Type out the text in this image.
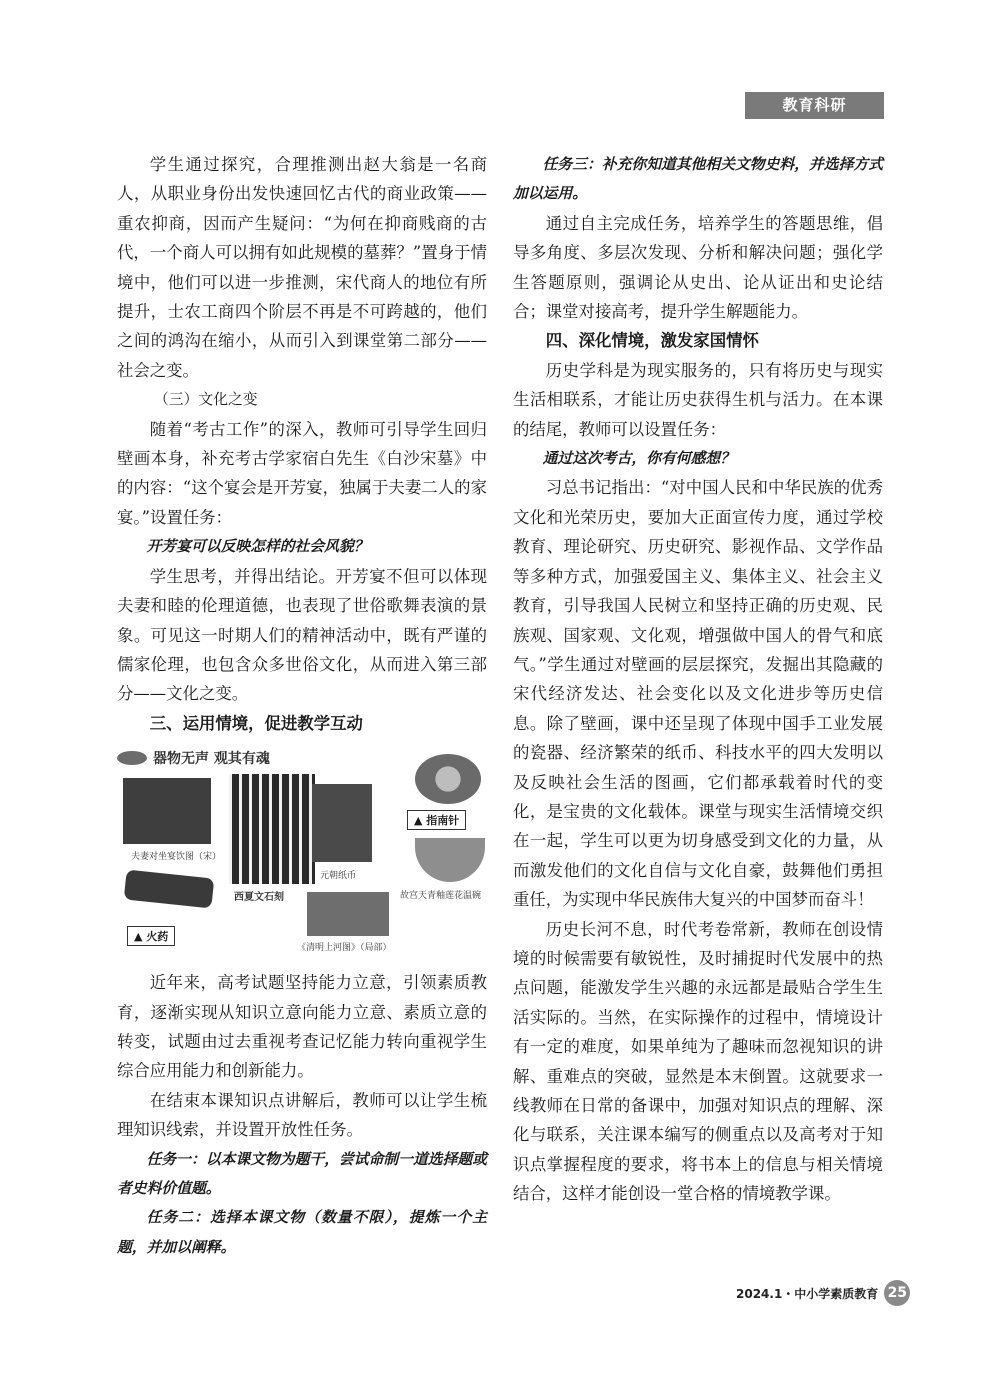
教育科研

学生通过探究，合理推测出赵大翁是一名商人，从职业身份出发快速回忆古代的商业政策——重农抑商，因而产生疑问：“为何在抑商贱商的古代，一个商人可以拥有如此规模的墓葬？”置身于情境中，他们可以进一步推测，宋代商人的地位有所提升，士农工商四个阶层不再是不可跨越的，他们之间的鸿沟在缩小，从而引入到课堂第二部分——社会之变。

（三）文化之变

随着“考古工作”的深入，教师可引导学生回归壁画本身，补充考古学家宿白先生《白沙宋墓》中的内容：“这个宴会是开芳宴，独属于夫妻二人的家宴。”设置任务：

开芳宴可以反映怎样的社会风貌？

学生思考，并得出结论。开芳宴不但可以体现夫妻和睦的伦理道德，也表现了世俗歌舞表演的景象。可见这一时期人们的精神活动中，既有严谨的儒家伦理，也包含众多世俗文化，从而进入第三部分——文化之变。

三、运用情境，促进教学互动

器物无声 观其有魂
夫妻对坐宴饮图（宋）
西夏文石刻
元朝纸币
▲ 指南针
故宫天青釉莲花温碗
▲ 火药
《清明上河图》（局部）

近年来，高考试题坚持能力立意，引领素质教育，逐渐实现从知识立意向能力立意、素质立意的转变，试题由过去重视考查记忆能力转向重视学生综合应用能力和创新能力。

在结束本课知识点讲解后，教师可以让学生梳理知识线索，并设置开放性任务。

任务一：以本课文物为题干，尝试命制一道选择题或者史料价值题。

任务二：选择本课文物（数量不限），提炼一个主题，并加以阐释。

任务三：补充你知道其他相关文物史料，并选择方式加以运用。

通过自主完成任务，培养学生的答题思维，倡导多角度、多层次发现、分析和解决问题；强化学生答题原则，强调论从史出、论从证出和史论结合；课堂对接高考，提升学生解题能力。

四、深化情境，激发家国情怀

历史学科是为现实服务的，只有将历史与现实生活相联系，才能让历史获得生机与活力。在本课的结尾，教师可以设置任务：

通过这次考古，你有何感想？

习总书记指出：“对中国人民和中华民族的优秀文化和光荣历史，要加大正面宣传力度，通过学校教育、理论研究、历史研究、影视作品、文学作品等多种方式，加强爱国主义、集体主义、社会主义教育，引导我国人民树立和坚持正确的历史观、民族观、国家观、文化观，增强做中国人的骨气和底气。”学生通过对壁画的层层探究，发掘出其隐藏的宋代经济发达、社会变化以及文化进步等历史信息。除了壁画，课中还呈现了体现中国手工业发展的瓷器、经济繁荣的纸币、科技水平的四大发明以及反映社会生活的图画，它们都承载着时代的变化，是宝贵的文化载体。课堂与现实生活情境交织在一起，学生可以更为切身感受到文化的力量，从而激发他们的文化自信与文化自豪，鼓舞他们勇担重任，为实现中华民族伟大复兴的中国梦而奋斗！

历史长河不息，时代考卷常新，教师在创设情境的时候需要有敏锐性，及时捕捉时代发展中的热点问题，能激发学生兴趣的永远都是最贴合学生生活实际的。当然，在实际操作的过程中，情境设计有一定的难度，如果单纯为了趣味而忽视知识的讲解、重难点的突破，显然是本末倒置。这就要求一线教师在日常的备课中，加强对知识点的理解、深化与联系，关注课本编写的侧重点以及高考对于知识点掌握程度的要求，将书本上的信息与相关情境结合，这样才能创设一堂合格的情境教学课。

2024.1・中小学素质教育 25
